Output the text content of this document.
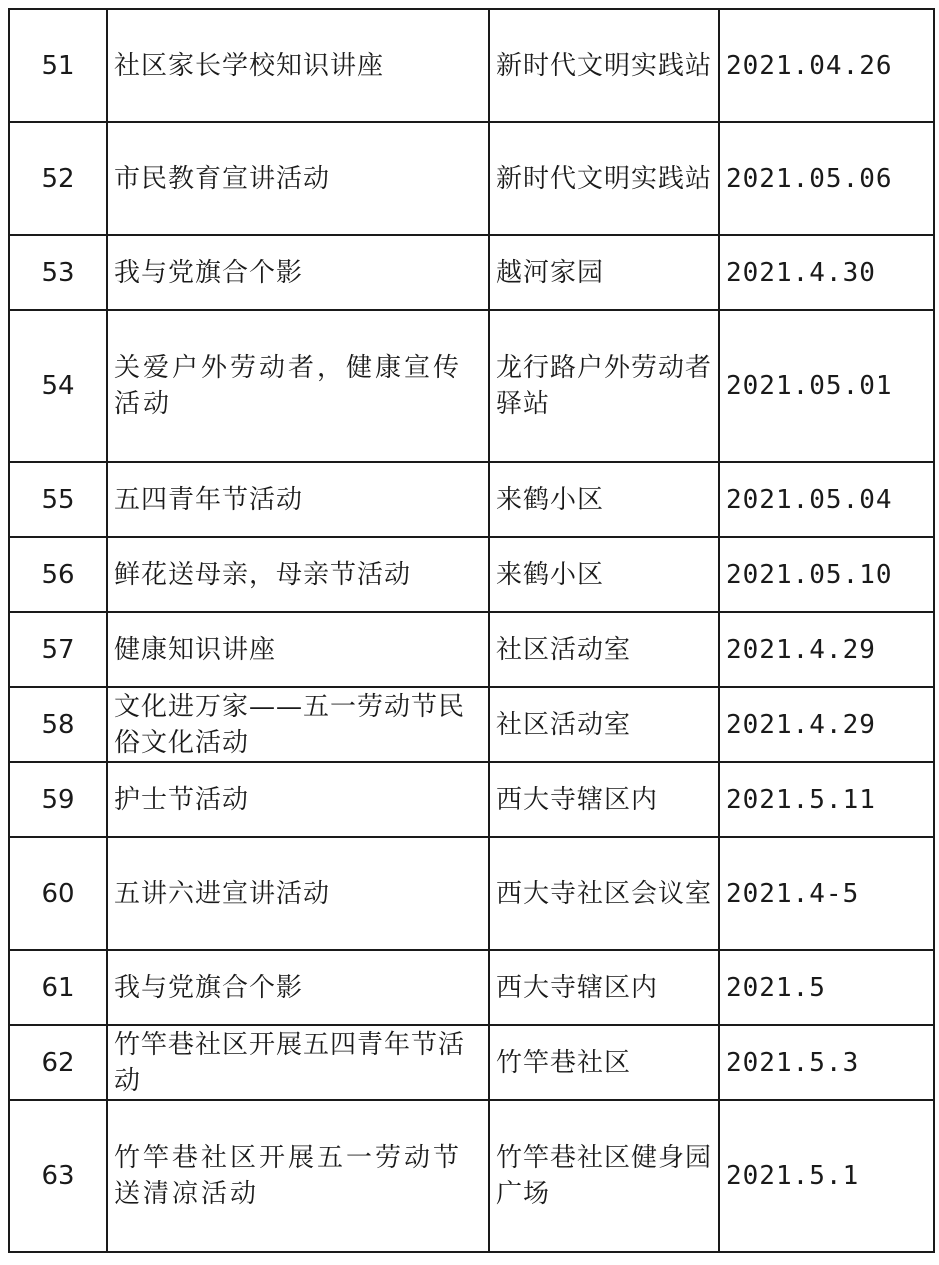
51	社区家长学校知识讲座	新时代文明实践站	2021.04.26
52	市民教育宣讲活动	新时代文明实践站	2021.05.06
53	我与党旗合个影	越河家园	2021.4.30
54	关爱户外劳动者，健康宣传活动	龙行路户外劳动者驿站	2021.05.01
55	五四青年节活动	来鹤小区	2021.05.04
56	鲜花送母亲，母亲节活动	来鹤小区	2021.05.10
57	健康知识讲座	社区活动室	2021.4.29
58	文化进万家——五一劳动节民俗文化活动	社区活动室	2021.4.29
59	护士节活动	西大寺辖区内	2021.5.11
60	五讲六进宣讲活动	西大寺社区会议室	2021.4-5
61	我与党旗合个影	西大寺辖区内	2021.5
62	竹竿巷社区开展五四青年节活动	竹竿巷社区	2021.5.3
63	竹竿巷社区开展五一劳动节送清凉活动	竹竿巷社区健身园广场	2021.5.1
